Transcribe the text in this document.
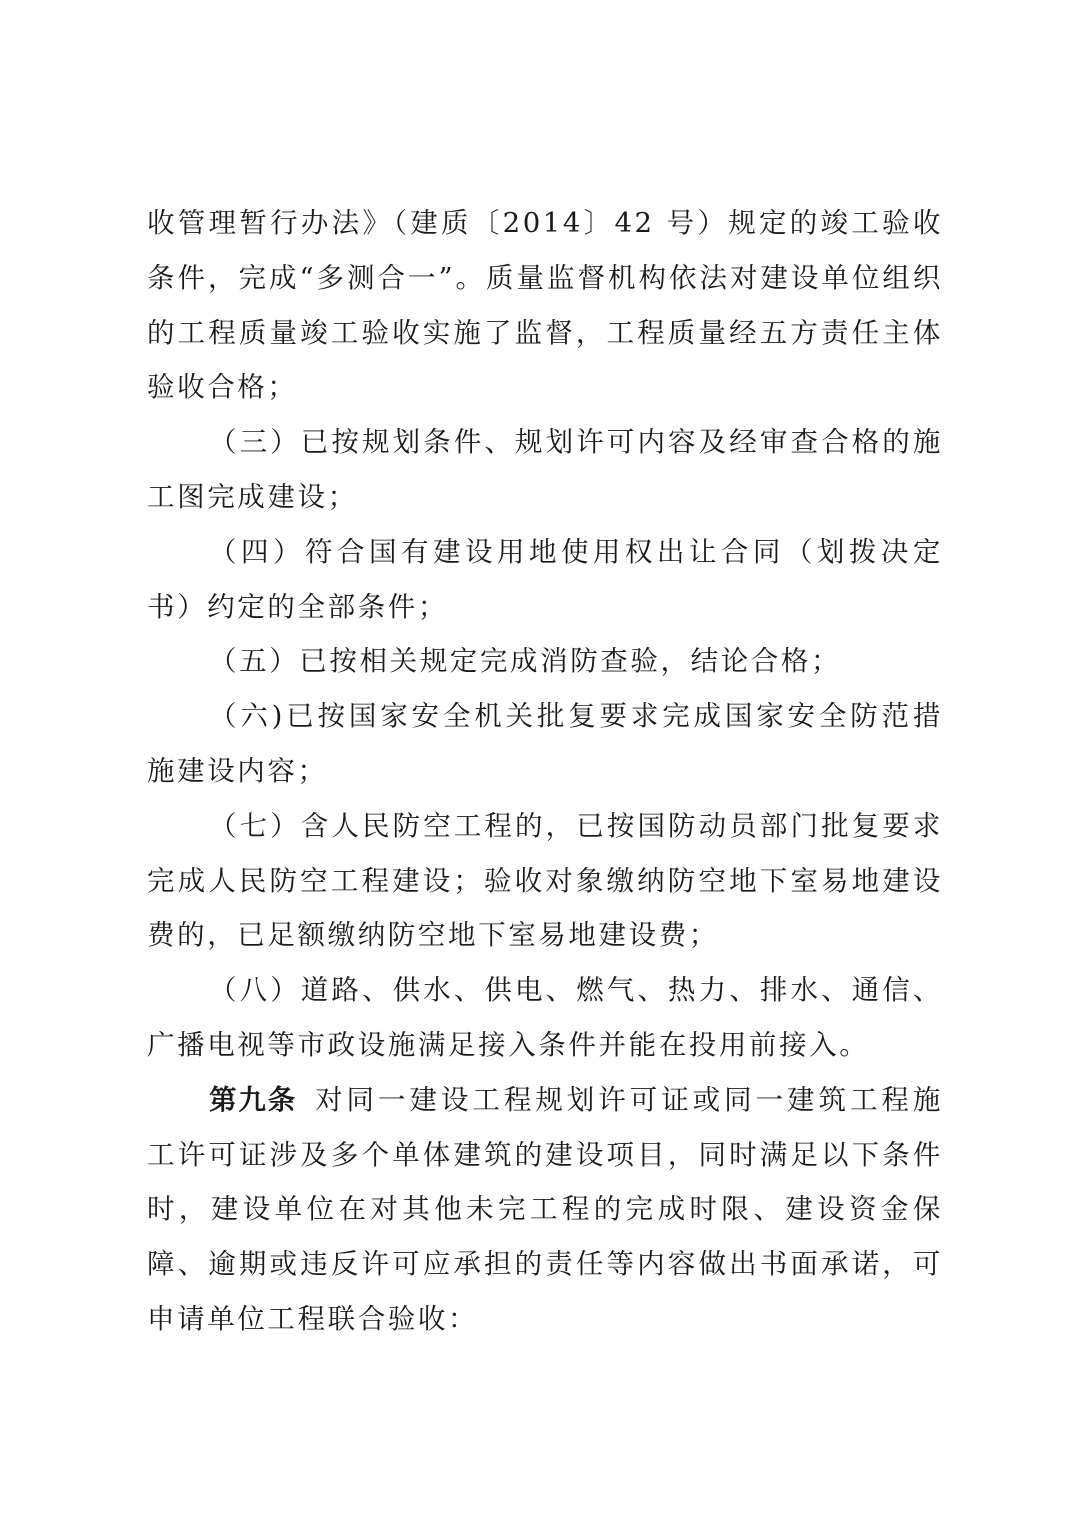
收管理暂行办法》（建质〔2014〕42 号）规定的竣工验收条件，完成“多测合一”。质量监督机构依法对建设单位组织的工程质量竣工验收实施了监督，工程质量经五方责任主体验收合格；

（三）已按规划条件、规划许可内容及经审查合格的施工图完成建设；

（四）符合国有建设用地使用权出让合同（划拨决定书）约定的全部条件；

（五）已按相关规定完成消防查验，结论合格；

（六)已按国家安全机关批复要求完成国家安全防范措施建设内容；

（七）含人民防空工程的，已按国防动员部门批复要求完成人民防空工程建设；验收对象缴纳防空地下室易地建设费的，已足额缴纳防空地下室易地建设费；

（八）道路、供水、供电、燃气、热力、排水、通信、广播电视等市政设施满足接入条件并能在投用前接入。

第九条 对同一建设工程规划许可证或同一建筑工程施工许可证涉及多个单体建筑的建设项目，同时满足以下条件时，建设单位在对其他未完工程的完成时限、建设资金保障、逾期或违反许可应承担的责任等内容做出书面承诺，可申请单位工程联合验收：
